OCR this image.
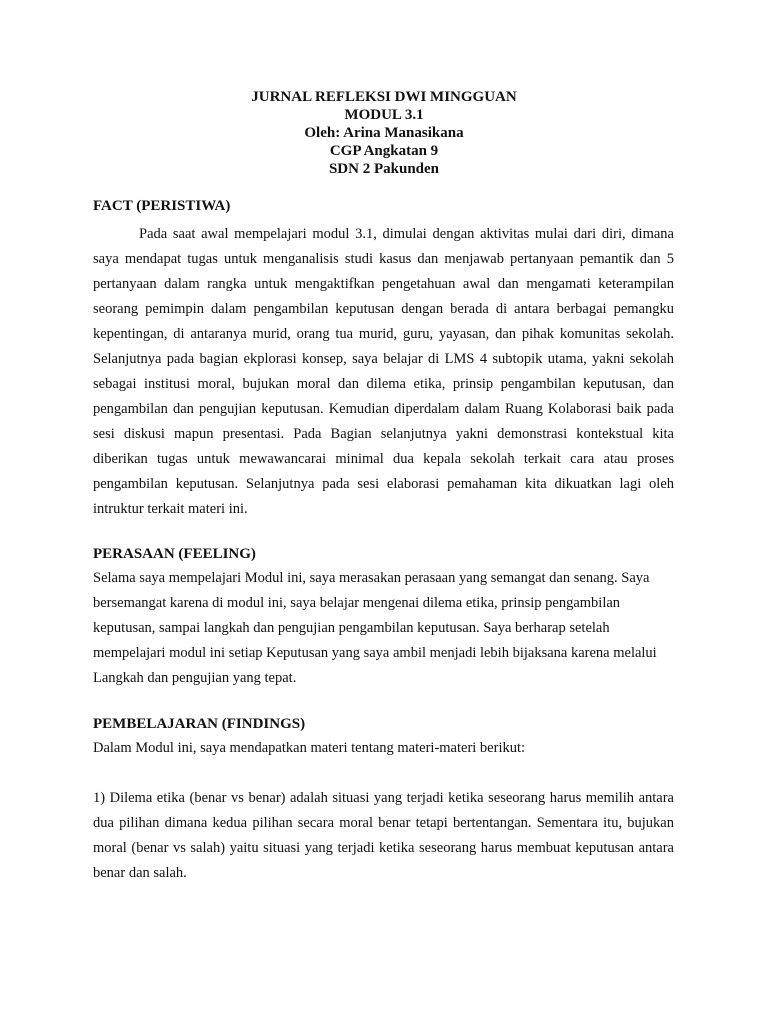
JURNAL REFLEKSI DWI MINGGUAN
MODUL 3.1
Oleh: Arina Manasikana
CGP Angkatan 9
SDN 2 Pakunden

FACT (PERISTIWA)

Pada saat awal mempelajari modul 3.1, dimulai dengan aktivitas mulai dari diri, dimana saya mendapat tugas untuk menganalisis studi kasus dan menjawab pertanyaan pemantik dan 5 pertanyaan dalam rangka untuk mengaktifkan pengetahuan awal dan mengamati keterampilan seorang pemimpin dalam pengambilan keputusan dengan berada di antara berbagai pemangku kepentingan, di antaranya murid, orang tua murid, guru, yayasan, dan pihak komunitas sekolah. Selanjutnya pada bagian ekplorasi konsep, saya belajar di LMS 4 subtopik utama, yakni sekolah sebagai institusi moral, bujukan moral dan dilema etika, prinsip pengambilan keputusan, dan pengambilan dan pengujian keputusan. Kemudian diperdalam dalam Ruang Kolaborasi baik pada sesi diskusi mapun presentasi. Pada Bagian selanjutnya yakni demonstrasi kontekstual kita diberikan tugas untuk mewawancarai minimal dua kepala sekolah terkait cara atau proses pengambilan keputusan. Selanjutnya pada sesi elaborasi pemahaman kita dikuatkan lagi oleh intruktur terkait materi ini.

PERASAAN (FEELING)

Selama saya mempelajari Modul ini, saya merasakan perasaan yang semangat dan senang. Saya bersemangat karena di modul ini, saya belajar mengenai dilema etika, prinsip pengambilan keputusan, sampai langkah dan pengujian pengambilan keputusan. Saya berharap setelah mempelajari modul ini setiap Keputusan yang saya ambil menjadi lebih bijaksana karena melalui Langkah dan pengujian yang tepat.

PEMBELAJARAN (FINDINGS)

Dalam Modul ini, saya mendapatkan materi tentang materi-materi berikut:

1) Dilema etika (benar vs benar) adalah situasi yang terjadi ketika seseorang harus memilih antara dua pilihan dimana kedua pilihan secara moral benar tetapi bertentangan. Sementara itu, bujukan moral (benar vs salah) yaitu situasi yang terjadi ketika seseorang harus membuat keputusan antara benar dan salah.
